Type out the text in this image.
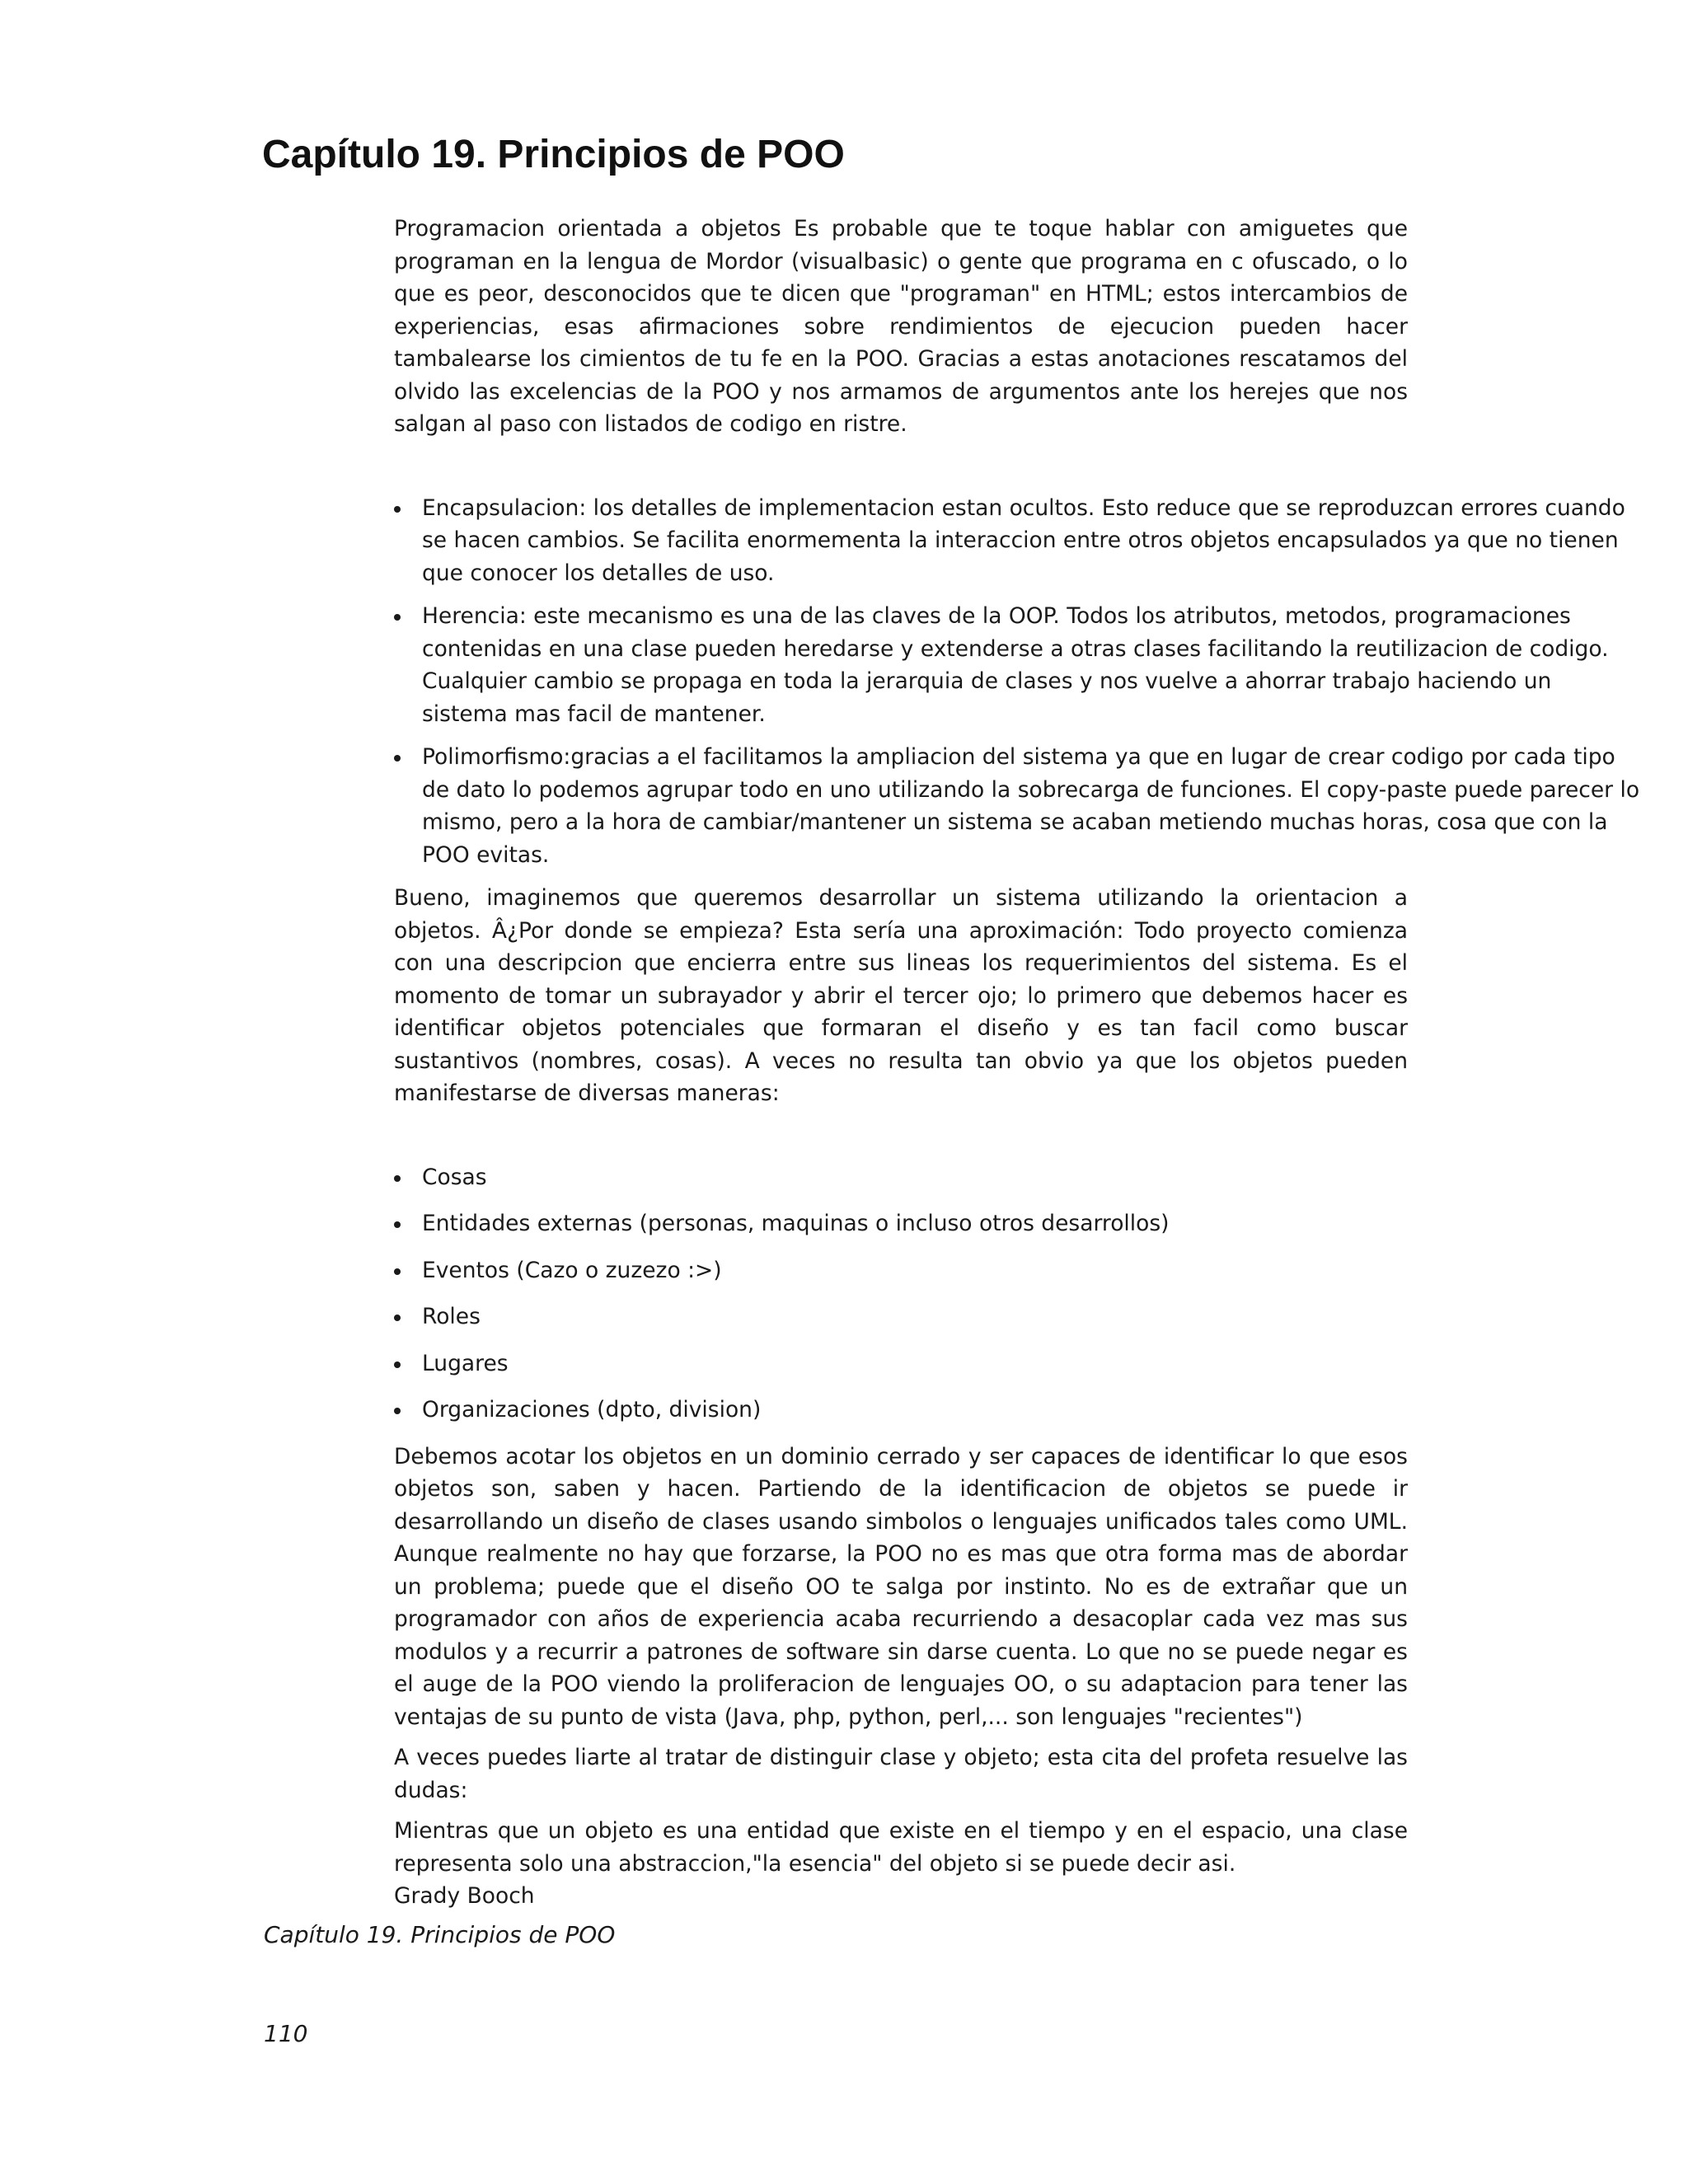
Capítulo 19. Principios de POO

Programacion orientada a objetos Es probable que te toque hablar con amiguetes que programan en la lengua de Mordor (visualbasic) o gente que programa en c ofuscado, o lo que es peor, desconocidos que te dicen que "programan" en HTML; estos intercambios de experiencias, esas afirmaciones sobre rendimientos de ejecucion pueden hacer tambalearse los cimientos de tu fe en la POO. Gracias a estas anotaciones rescatamos del olvido las excelencias de la POO y nos armamos de argumentos ante los herejes que nos salgan al paso con listados de codigo en ristre.

Encapsulacion: los detalles de implementacion estan ocultos. Esto reduce que se reproduzcan errores cuando se hacen cambios. Se facilita enormementa la interaccion entre otros objetos encapsulados ya que no tienen que conocer los detalles de uso.
Herencia: este mecanismo es una de las claves de la OOP. Todos los atributos, metodos, programaciones contenidas en una clase pueden heredarse y extenderse a otras clases facilitando la reutilizacion de codigo. Cualquier cambio se propaga en toda la jerarquia de clases y nos vuelve a ahorrar trabajo haciendo un sistema mas facil de mantener.
Polimorfismo:gracias a el facilitamos la ampliacion del sistema ya que en lugar de crear codigo por cada tipo de dato lo podemos agrupar todo en uno utilizando la sobrecarga de funciones. El copy-paste puede parecer lo mismo, pero a la hora de cambiar/mantener un sistema se acaban metiendo muchas horas, cosa que con la POO evitas.

Bueno, imaginemos que queremos desarrollar un sistema utilizando la orientacion a objetos. Â¿Por donde se empieza? Esta sería una aproximación: Todo proyecto comienza con una descripcion que encierra entre sus lineas los requerimientos del sistema. Es el momento de tomar un subrayador y abrir el tercer ojo; lo primero que debemos hacer es identificar objetos potenciales que formaran el diseño y es tan facil como buscar sustantivos (nombres, cosas). A veces no resulta tan obvio ya que los objetos pueden manifestarse de diversas maneras:

Cosas
Entidades externas (personas, maquinas o incluso otros desarrollos)
Eventos (Cazo o zuzezo :>)
Roles
Lugares
Organizaciones (dpto, division)

Debemos acotar los objetos en un dominio cerrado y ser capaces de identificar lo que esos objetos son, saben y hacen. Partiendo de la identificacion de objetos se puede ir desarrollando un diseño de clases usando simbolos o lenguajes unificados tales como UML. Aunque realmente no hay que forzarse, la POO no es mas que otra forma mas de abordar un problema; puede que el diseño OO te salga por instinto. No es de extrañar que un programador con años de experiencia acaba recurriendo a desacoplar cada vez mas sus modulos y a recurrir a patrones de software sin darse cuenta. Lo que no se puede negar es el auge de la POO viendo la proliferacion de lenguajes OO, o su adaptacion para tener las ventajas de su punto de vista (Java, php, python, perl,... son lenguajes "recientes")

A veces puedes liarte al tratar de distinguir clase y objeto; esta cita del profeta resuelve las dudas:

Mientras que un objeto es una entidad que existe en el tiempo y en el espacio, una clase representa solo una abstraccion,"la esencia" del objeto si se puede decir asi.

Grady Booch

Capítulo 19. Principios de POO
110
